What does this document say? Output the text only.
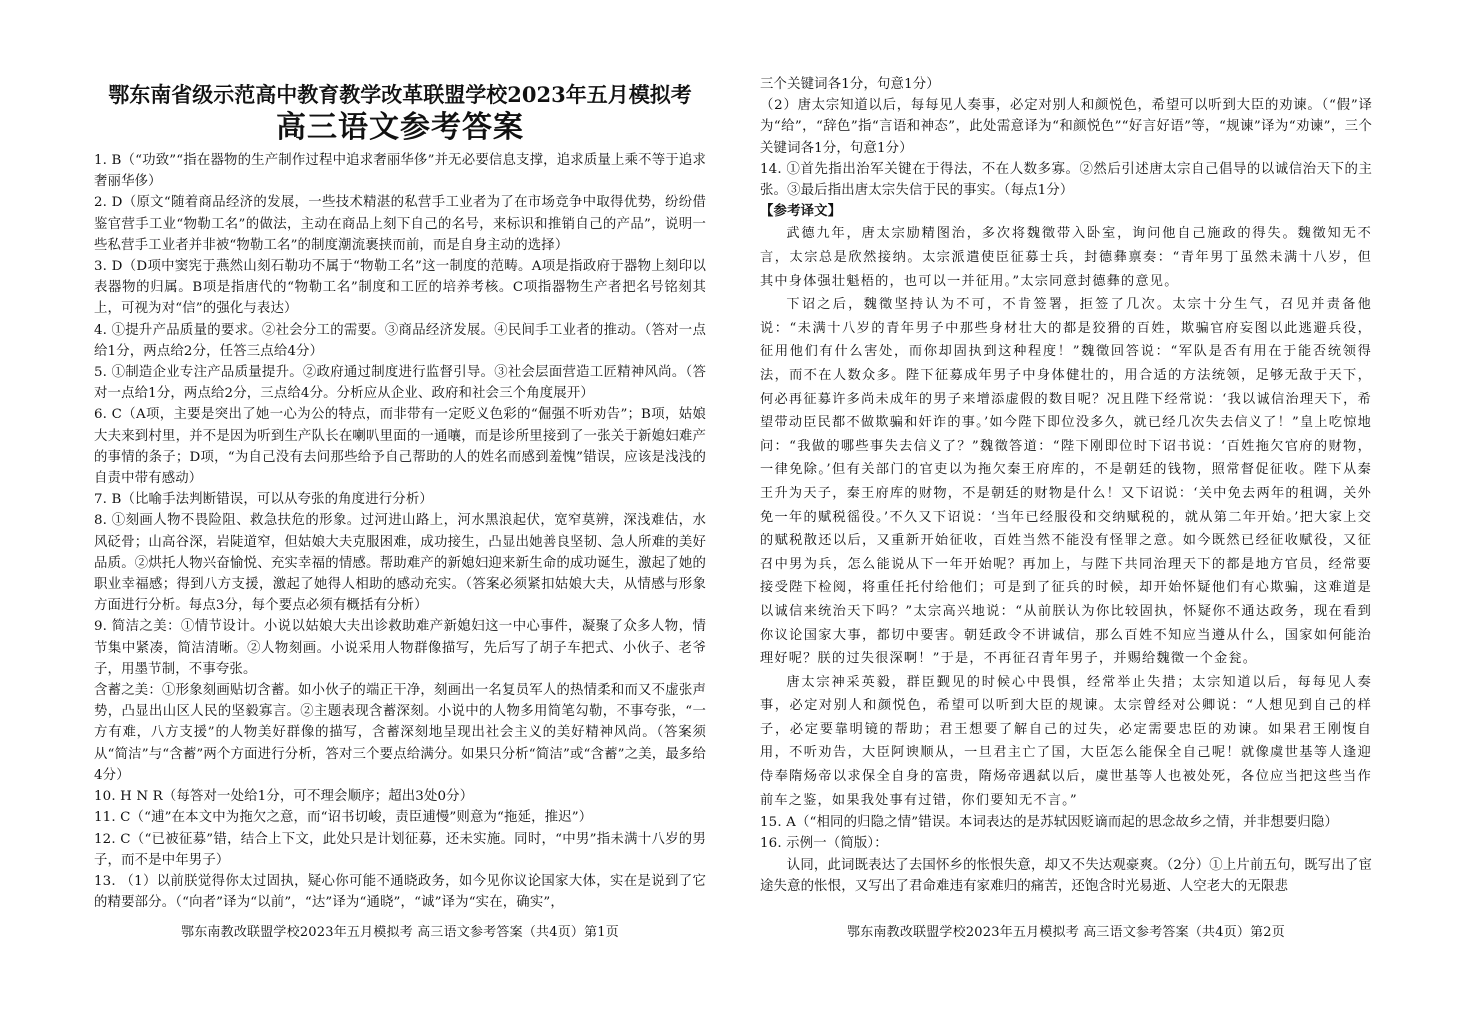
鄂东南省级示范高中教育教学改革联盟学校2023年五月模拟考
高三语文参考答案

1. B（“功致”“指在器物的生产制作过程中追求奢丽华侈”并无必要信息支撑，追求质量上乘不等于追求奢丽华侈）

2. D（原文“随着商品经济的发展，一些技术精湛的私营手工业者为了在市场竞争中取得优势，纷纷借鉴官营手工业“物勒工名”的做法，主动在商品上刻下自己的名号，来标识和推销自己的产品”，说明一些私营手工业者并非被“物勒工名”的制度潮流裹挟而前，而是自身主动的选择）

3. D（D项中窦宪于燕然山刻石勒功不属于“物勒工名”这一制度的范畴。A项是指政府于器物上刻印以表器物的归属。B项是指唐代的“物勒工名”制度和工匠的培养考核。C项指器物生产者把名号铭刻其上，可视为对“信”的强化与表达）

4. ①提升产品质量的要求。②社会分工的需要。③商品经济发展。④民间手工业者的推动。（答对一点给1分，两点给2分，任答三点给4分）

5. ①制造企业专注产品质量提升。②政府通过制度进行监督引导。③社会层面营造工匠精神风尚。（答对一点给1分，两点给2分，三点给4分。分析应从企业、政府和社会三个角度展开）

6. C（A项，主要是突出了她一心为公的特点，而非带有一定贬义色彩的“倔强不听劝告”；B项，姑娘大夫来到村里，并不是因为听到生产队长在喇叭里面的一通嚷，而是诊所里接到了一张关于新媳妇难产的事情的条子；D项，“为自己没有去问那些给予自己帮助的人的姓名而感到羞愧”错误，应该是浅浅的自责中带有感动）

7. B（比喻手法判断错误，可以从夸张的角度进行分析）

8. ①刻画人物不畏险阻、救急扶危的形象。过河进山路上，河水黑浪起伏，宽窄莫辨，深浅难估，水风砭骨；山高谷深，岩陡道窄，但姑娘大夫克服困难，成功接生，凸显出她善良坚韧、急人所难的美好品质。②烘托人物兴奋愉悦、充实幸福的情感。帮助难产的新媳妇迎来新生命的成功诞生，激起了她的职业幸福感；得到八方支援，激起了她得人相助的感动充实。（答案必须紧扣姑娘大夫，从情感与形象方面进行分析。每点3分，每个要点必须有概括有分析）

9. 简洁之美：①情节设计。小说以姑娘大夫出诊救助难产新媳妇这一中心事件，凝聚了众多人物，情节集中紧凑，简洁清晰。②人物刻画。小说采用人物群像描写，先后写了胡子车把式、小伙子、老爷子，用墨节制，不事夸张。

含蓄之美：①形象刻画贴切含蓄。如小伙子的端正干净，刻画出一名复员军人的热情柔和而又不虚张声势，凸显出山区人民的坚毅寡言。②主题表现含蓄深刻。小说中的人物多用简笔勾勒，不事夸张，“一方有难，八方支援”的人物美好群像的描写，含蓄深刻地呈现出社会主义的美好精神风尚。（答案须从“简洁”与“含蓄”两个方面进行分析，答对三个要点给满分。如果只分析“简洁”或“含蓄”之美，最多给4分）

10. H N R（每答对一处给1分，可不理会顺序；超出3处0分）

11. C（“逋”在本文中为拖欠之意，而“诏书切峻，责臣逋慢”则意为“拖延，推迟”）

12. C（“已被征募”错，结合上下文，此处只是计划征募，还未实施。同时，“中男”指未满十八岁的男子，而不是中年男子）

13. （1）以前朕觉得你太过固执，疑心你可能不通晓政务，如今见你议论国家大体，实在是说到了它的精要部分。（“向者”译为“以前”，“达”译为“通晓”，“诚”译为“实在，确实”，

三个关键词各1分，句意1分）

（2）唐太宗知道以后，每每见人奏事，必定对别人和颜悦色，希望可以听到大臣的劝谏。（“假”译为“给”，“辞色”指“言语和神态”，此处需意译为“和颜悦色”“好言好语”等，“规谏”译为“劝谏”，三个关键词各1分，句意1分）

14. ①首先指出治军关键在于得法，不在人数多寡。②然后引述唐太宗自己倡导的以诚信治天下的主张。③最后指出唐太宗失信于民的事实。（每点1分）

【参考译文】

武德九年，唐太宗励精图治，多次将魏徵带入卧室，询问他自己施政的得失。魏徵知无不言，太宗总是欣然接纳。太宗派遣使臣征募士兵，封德彝禀奏：“青年男丁虽然未满十八岁，但其中身体强壮魁梧的，也可以一并征用。”太宗同意封德彝的意见。

下诏之后，魏徵坚持认为不可，不肯签署，拒签了几次。太宗十分生气，召见并责备他说：“未满十八岁的青年男子中那些身材壮大的都是狡猾的百姓，欺骗官府妄图以此逃避兵役，征用他们有什么害处，而你却固执到这种程度！”魏徵回答说：“军队是否有用在于能否统领得法，而不在人数众多。陛下征募成年男子中身体健壮的，用合适的方法统领，足够无敌于天下，何必再征募许多尚未成年的男子来增添虚假的数目呢？况且陛下经常说：‘我以诚信治理天下，希望带动臣民都不做欺骗和奸诈的事。’如今陛下即位没多久，就已经几次失去信义了！”皇上吃惊地问：“我做的哪些事失去信义了？”魏徵答道：“陛下刚即位时下诏书说：‘百姓拖欠官府的财物，一律免除。’但有关部门的官吏以为拖欠秦王府库的，不是朝廷的钱物，照常督促征收。陛下从秦王升为天子，秦王府库的财物，不是朝廷的财物是什么！又下诏说：‘关中免去两年的租调，关外免一年的赋税徭役。’不久又下诏说：‘当年已经服役和交纳赋税的，就从第二年开始。’把大家上交的赋税散还以后，又重新开始征收，百姓当然不能没有怪罪之意。如今既然已经征收赋役，又征召中男为兵，怎么能说从下一年开始呢？再加上，与陛下共同治理天下的都是地方官员，经常要接受陛下检阅，将重任托付给他们；可是到了征兵的时候，却开始怀疑他们有心欺骗，这难道是以诚信来统治天下吗？”太宗高兴地说：“从前朕认为你比较固执，怀疑你不通达政务，现在看到你议论国家大事，都切中要害。朝廷政令不讲诚信，那么百姓不知应当遵从什么，国家如何能治理好呢？朕的过失很深啊！”于是，不再征召青年男子，并赐给魏徵一个金瓮。

唐太宗神采英毅，群臣觐见的时候心中畏惧，经常举止失措；太宗知道以后，每每见人奏事，必定对别人和颜悦色，希望可以听到大臣的规谏。太宗曾经对公卿说：“人想见到自己的样子，必定要靠明镜的帮助；君王想要了解自己的过失，必定需要忠臣的劝谏。如果君王刚愎自用，不听劝告，大臣阿谀顺从，一旦君主亡了国，大臣怎么能保全自己呢！就像虞世基等人逢迎侍奉隋炀帝以求保全自身的富贵，隋炀帝遇弑以后，虞世基等人也被处死，各位应当把这些当作前车之鉴，如果我处事有过错，你们要知无不言。”

15. A（“相同的归隐之情”错误。本词表达的是苏轼因贬谪而起的思念故乡之情，并非想要归隐）

16. 示例一（简版）：

认同，此词既表达了去国怀乡的怅恨失意，却又不失达观豪爽。（2分）①上片前五句，既写出了宦途失意的怅恨，又写出了君命难违有家难归的痛苦，还饱含时光易逝、人空老大的无限悲

鄂东南教改联盟学校2023年五月模拟考 高三语文参考答案（共4页）第1页	鄂东南教改联盟学校2023年五月模拟考 高三语文参考答案（共4页）第2页
